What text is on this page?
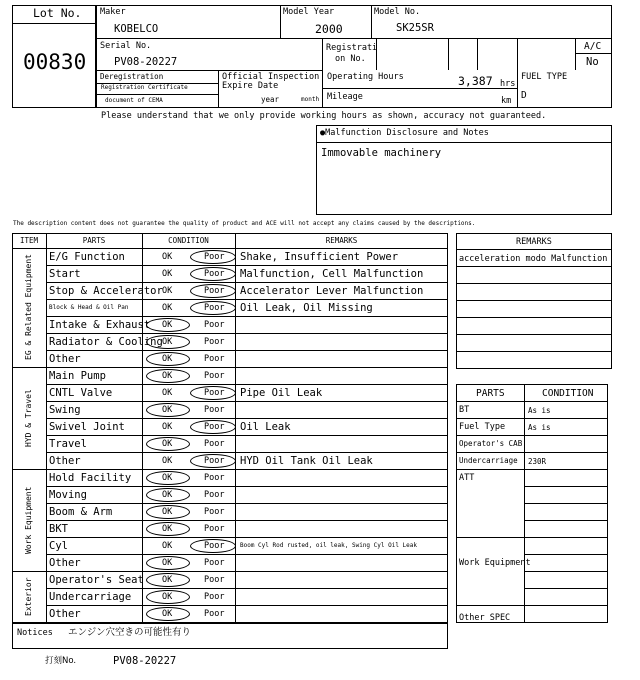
Lot No.
00830
Maker
KOBELCO
Model Year
2000
Model No.
SK25SR
Serial No.
PV08-20227
Registrati
on No.
A/C
No
Deregistration
Registration Certificate
document of CEMA
Official Inspection
Expire Date
year	month
Operating Hours	3,387 hrs
Mileage	km
FUEL TYPE
D
Please understand that we only provide working hours as shown, accuracy not guaranteed.
●Malfunction Disclosure and Notes
Immovable machinery
The description content does not guarantee the quality of product and ACE will not accept any claims caused by the descriptions.
ITEM	PARTS	CONDITION	REMARKS
EG & Related Equipment	E/G Function	OK	Poor Shake, Insufficient Power
Start	OK	Poor Malfunction, Cell Malfunction
Stop & Accelerator OK	Poor Accelerator Lever Malfunction
Block & Head & Oil Pan	OK	Poor Oil Leak, Oil Missing
Intake & Exhaust OK	Poor
Radiator & Cooling OK	Poor
Other	OK	Poor
HYD & Travel
Main Pump	OK	Poor
CNTL Valve	OK	Poor Pipe Oil Leak
Swing	OK	Poor
Swivel Joint	OK	Poor Oil Leak
Travel	OK	Poor
Other	OK	Poor HYD Oil Tank Oil Leak
Work Equipment
Hold Facility	OK	Poor
Moving	OK	Poor
Boom & Arm	OK	Poor
BKT	OK	Poor
Cyl	OK	Poor	Boom Cyl Rod rusted, oil leak, Swing Cyl Oil Leak
Other	OK	Poor
Exterior	Operator's Seat OK	Poor
Undercarriage	OK	Poor
Other	OK	Poor
Notices エンジン穴空きの可能性有り
打刻No.	PV08-20227
REMARKS
acceleration modo Malfunction
PARTS	CONDITION
BT	As is
Fuel Type	As is
Operator's CAB
Undercarriage 230R
ATT
Work Equipment
Other SPEC
